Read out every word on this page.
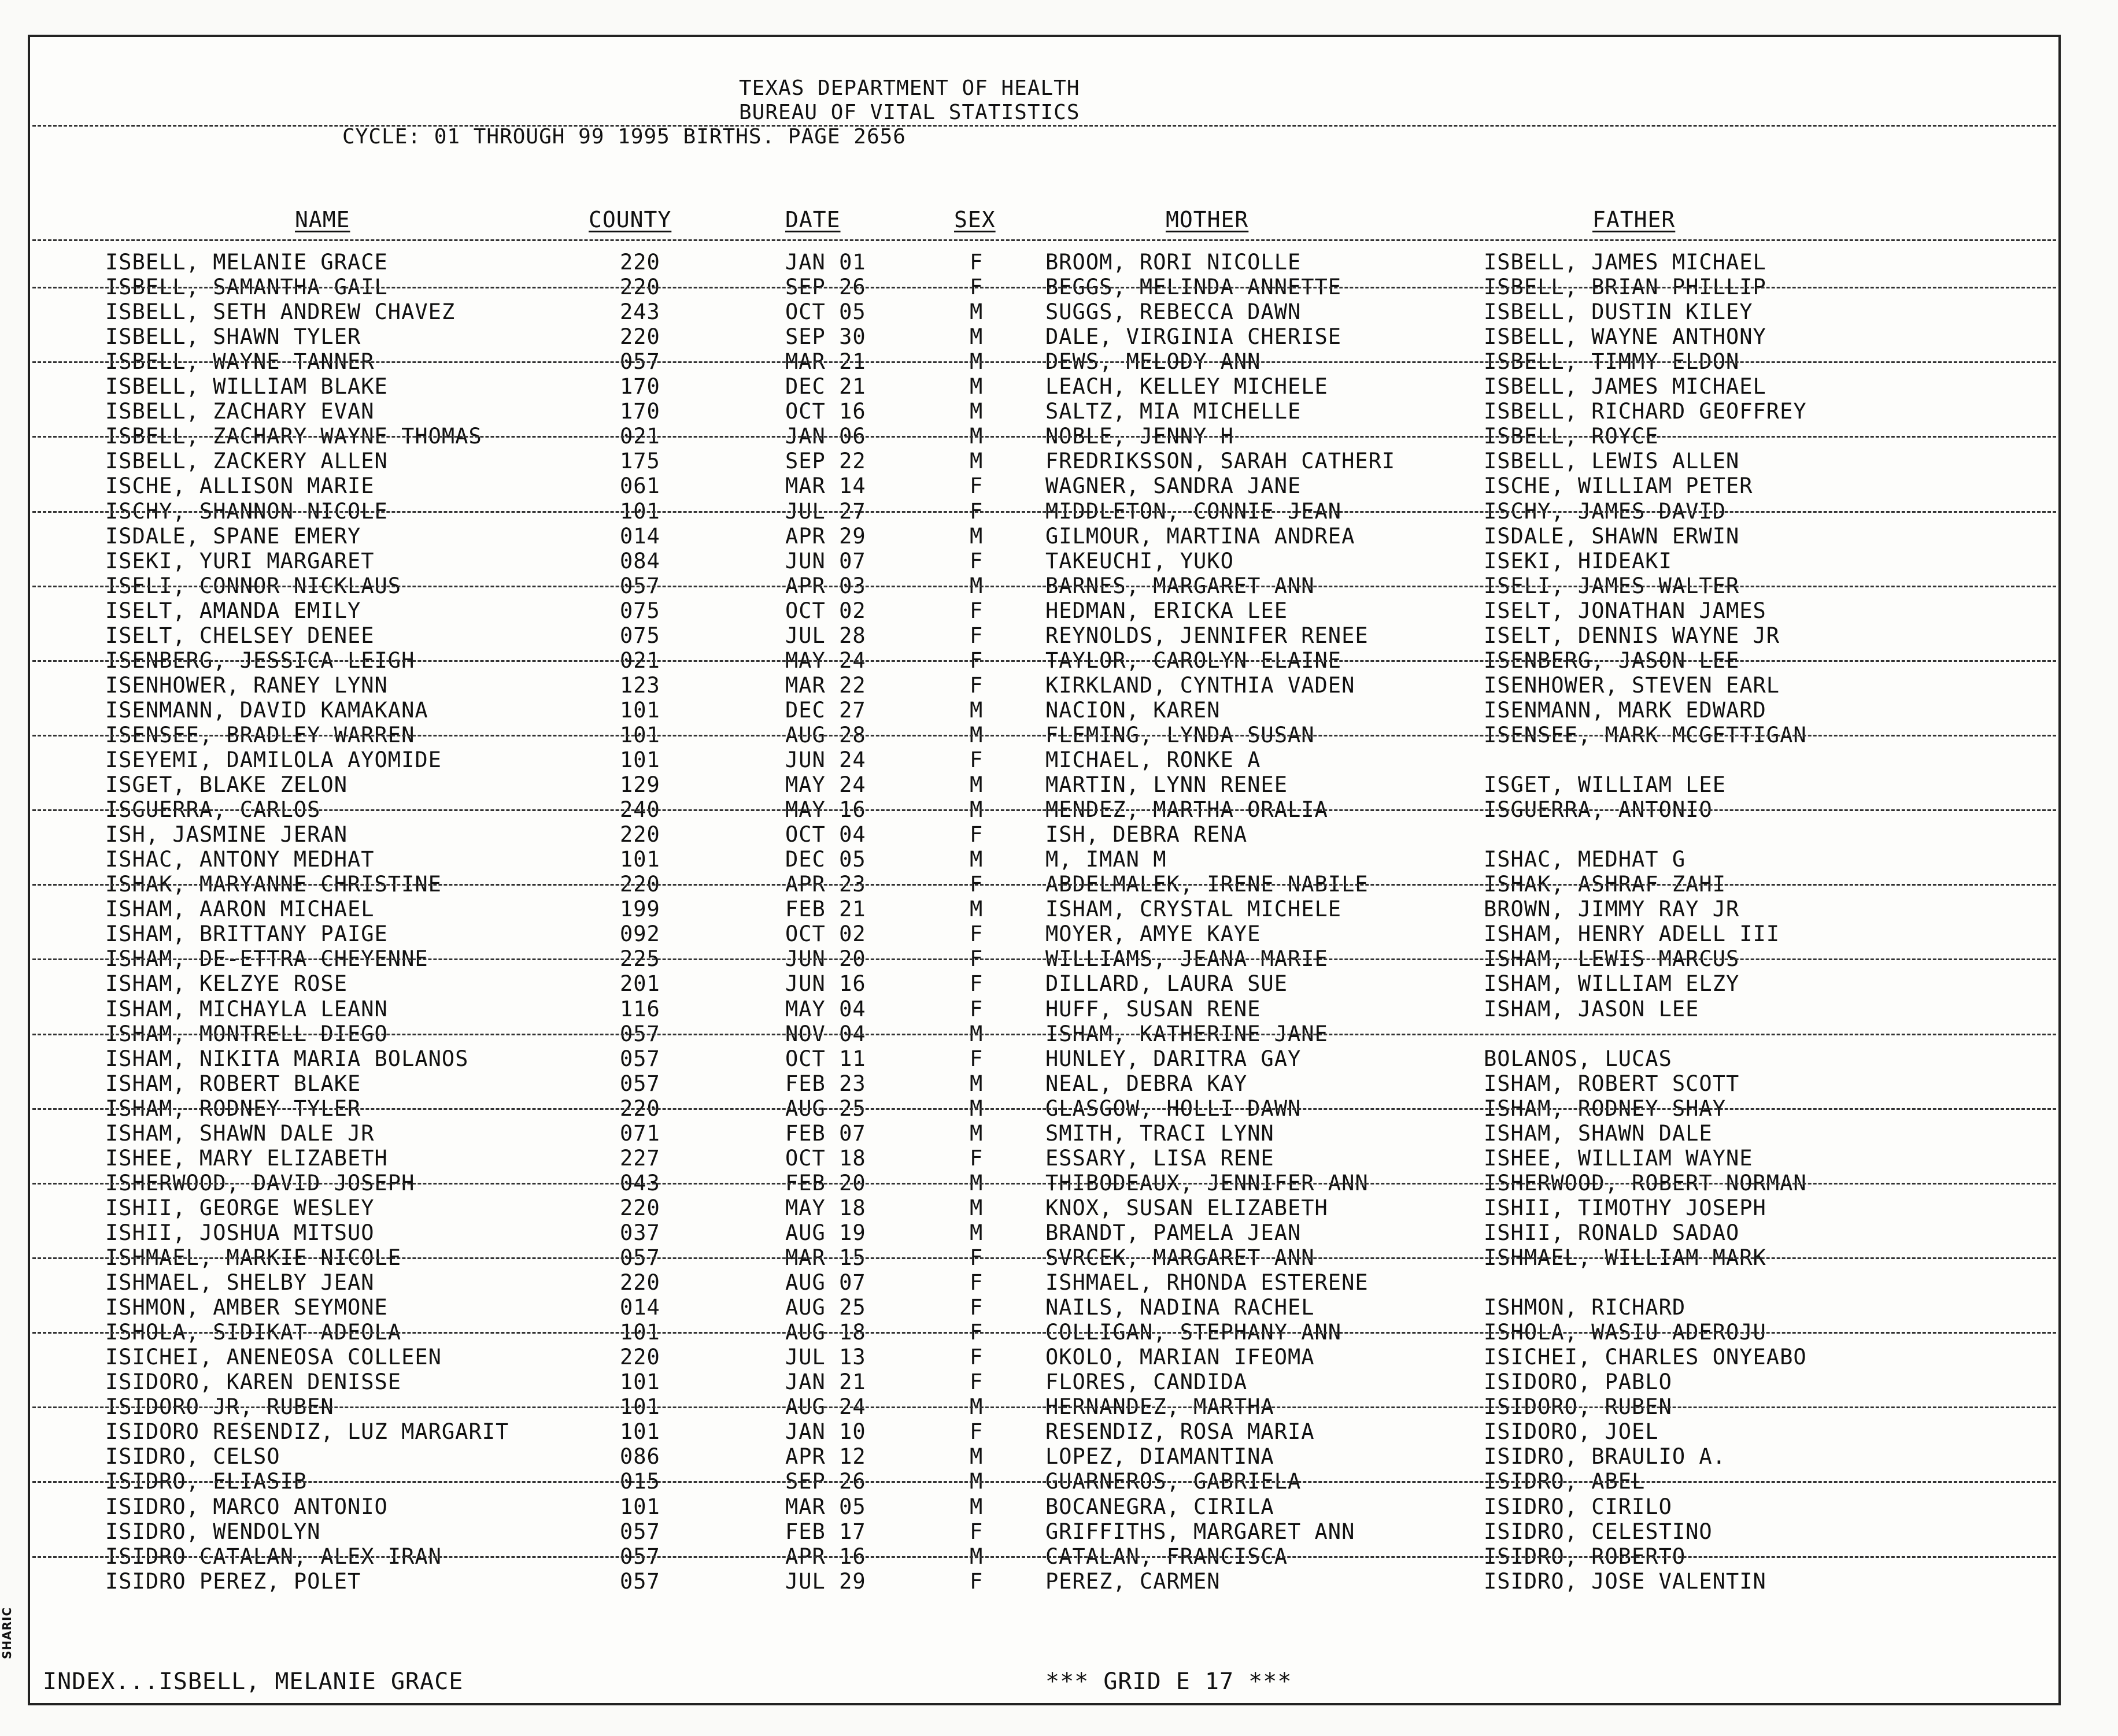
SHARIC
TEXAS DEPARTMENT OF HEALTH
BUREAU OF VITAL STATISTICS
CYCLE: 01 THROUGH 99 1995 BIRTHS. PAGE 2656
NAME	COUNTY	DATE	SEX	MOTHER	FATHER
ISBELL, MELANIE GRACE	220	JAN 01	F	BROOM, RORI NICOLLE	ISBELL, JAMES MICHAEL
ISBELL, SAMANTHA GAIL	220	SEP 26	F	BEGGS, MELINDA ANNETTE	ISBELL, BRIAN PHILLIP
ISBELL, SETH ANDREW CHAVEZ	243	OCT 05	M	SUGGS, REBECCA DAWN	ISBELL, DUSTIN KILEY
ISBELL, SHAWN TYLER	220	SEP 30	M	DALE, VIRGINIA CHERISE	ISBELL, WAYNE ANTHONY
ISBELL, WAYNE TANNER	057	MAR 21	M	DEWS, MELODY ANN	ISBELL, TIMMY ELDON
ISBELL, WILLIAM BLAKE	170	DEC 21	M	LEACH, KELLEY MICHELE	ISBELL, JAMES MICHAEL
ISBELL, ZACHARY EVAN	170	OCT 16	M	SALTZ, MIA MICHELLE	ISBELL, RICHARD GEOFFREY
ISBELL, ZACHARY WAYNE THOMAS	021	JAN 06	M	NOBLE, JENNY H	ISBELL, ROYCE
ISBELL, ZACKERY ALLEN	175	SEP 22	M	FREDRIKSSON, SARAH CATHERI	ISBELL, LEWIS ALLEN
ISCHE, ALLISON MARIE	061	MAR 14	F	WAGNER, SANDRA JANE	ISCHE, WILLIAM PETER
ISCHY, SHANNON NICOLE	101	JUL 27	F	MIDDLETON, CONNIE JEAN	ISCHY, JAMES DAVID
ISDALE, SPANE EMERY	014	APR 29	M	GILMOUR, MARTINA ANDREA	ISDALE, SHAWN ERWIN
ISEKI, YURI MARGARET	084	JUN 07	F	TAKEUCHI, YUKO	ISEKI, HIDEAKI
ISELI, CONNOR NICKLAUS	057	APR 03	M	BARNES, MARGARET ANN	ISELI, JAMES WALTER
ISELT, AMANDA EMILY	075	OCT 02	F	HEDMAN, ERICKA LEE	ISELT, JONATHAN JAMES
ISELT, CHELSEY DENEE	075	JUL 28	F	REYNOLDS, JENNIFER RENEE	ISELT, DENNIS WAYNE JR
ISENBERG, JESSICA LEIGH	021	MAY 24	F	TAYLOR, CAROLYN ELAINE	ISENBERG, JASON LEE
ISENHOWER, RANEY LYNN	123	MAR 22	F	KIRKLAND, CYNTHIA VADEN	ISENHOWER, STEVEN EARL
ISENMANN, DAVID KAMAKANA	101	DEC 27	M	NACION, KAREN	ISENMANN, MARK EDWARD
ISENSEE, BRADLEY WARREN	101	AUG 28	M	FLEMING, LYNDA SUSAN	ISENSEE, MARK MCGETTIGAN
ISEYEMI, DAMILOLA AYOMIDE	101	JUN 24	F	MICHAEL, RONKE A
ISGET, BLAKE ZELON	129	MAY 24	M	MARTIN, LYNN RENEE	ISGET, WILLIAM LEE
ISGUERRA, CARLOS	240	MAY 16	M	MENDEZ, MARTHA ORALIA	ISGUERRA, ANTONIO
ISH, JASMINE JERAN	220	OCT 04	F	ISH, DEBRA RENA
ISHAC, ANTONY MEDHAT	101	DEC 05	M	M, IMAN M	ISHAC, MEDHAT G
ISHAK, MARYANNE CHRISTINE	220	APR 23	F	ABDELMALEK, IRENE NABILE	ISHAK, ASHRAF ZAHI
ISHAM, AARON MICHAEL	199	FEB 21	M	ISHAM, CRYSTAL MICHELE	BROWN, JIMMY RAY JR
ISHAM, BRITTANY PAIGE	092	OCT 02	F	MOYER, AMYE KAYE	ISHAM, HENRY ADELL III
ISHAM, DE-ETTRA CHEYENNE	225	JUN 20	F	WILLIAMS, JEANA MARIE	ISHAM, LEWIS MARCUS
ISHAM, KELZYE ROSE	201	JUN 16	F	DILLARD, LAURA SUE	ISHAM, WILLIAM ELZY
ISHAM, MICHAYLA LEANN	116	MAY 04	F	HUFF, SUSAN RENE	ISHAM, JASON LEE
ISHAM, MONTRELL DIEGO	057	NOV 04	M	ISHAM, KATHERINE JANE
ISHAM, NIKITA MARIA BOLANOS	057	OCT 11	F	HUNLEY, DARITRA GAY	BOLANOS, LUCAS
ISHAM, ROBERT BLAKE	057	FEB 23	M	NEAL, DEBRA KAY	ISHAM, ROBERT SCOTT
ISHAM, RODNEY TYLER	220	AUG 25	M	GLASGOW, HOLLI DAWN	ISHAM, RODNEY SHAY
ISHAM, SHAWN DALE JR	071	FEB 07	M	SMITH, TRACI LYNN	ISHAM, SHAWN DALE
ISHEE, MARY ELIZABETH	227	OCT 18	F	ESSARY, LISA RENE	ISHEE, WILLIAM WAYNE
ISHERWOOD, DAVID JOSEPH	043	FEB 20	M	THIBODEAUX, JENNIFER ANN	ISHERWOOD, ROBERT NORMAN
ISHII, GEORGE WESLEY	220	MAY 18	M	KNOX, SUSAN ELIZABETH	ISHII, TIMOTHY JOSEPH
ISHII, JOSHUA MITSUO	037	AUG 19	M	BRANDT, PAMELA JEAN	ISHII, RONALD SADAO
ISHMAEL, MARKIE NICOLE	057	MAR 15	F	SVRCEK, MARGARET ANN	ISHMAEL, WILLIAM MARK
ISHMAEL, SHELBY JEAN	220	AUG 07	F	ISHMAEL, RHONDA ESTERENE
ISHMON, AMBER SEYMONE	014	AUG 25	F	NAILS, NADINA RACHEL	ISHMON, RICHARD
ISHOLA, SIDIKAT ADEOLA	101	AUG 18	F	COLLIGAN, STEPHANY ANN	ISHOLA, WASIU ADEROJU
ISICHEI, ANENEOSA COLLEEN	220	JUL 13	F	OKOLO, MARIAN IFEOMA	ISICHEI, CHARLES ONYEABO
ISIDORO, KAREN DENISSE	101	JAN 21	F	FLORES, CANDIDA	ISIDORO, PABLO
ISIDORO JR, RUBEN	101	AUG 24	M	HERNANDEZ, MARTHA	ISIDORO, RUBEN
ISIDORO RESENDIZ, LUZ MARGARIT	101	JAN 10	F	RESENDIZ, ROSA MARIA	ISIDORO, JOEL
ISIDRO, CELSO	086	APR 12	M	LOPEZ, DIAMANTINA	ISIDRO, BRAULIO A.
ISIDRO, ELIASIB	015	SEP 26	M	GUARNEROS, GABRIELA	ISIDRO, ABEL
ISIDRO, MARCO ANTONIO	101	MAR 05	M	BOCANEGRA, CIRILA	ISIDRO, CIRILO
ISIDRO, WENDOLYN	057	FEB 17	F	GRIFFITHS, MARGARET ANN	ISIDRO, CELESTINO
ISIDRO CATALAN, ALEX IRAN	057	APR 16	M	CATALAN, FRANCISCA	ISIDRO, ROBERTO
ISIDRO PEREZ, POLET	057	JUL 29	F	PEREZ, CARMEN	ISIDRO, JOSE VALENTIN
INDEX...ISBELL, MELANIE GRACE	*** GRID E 17 ***
